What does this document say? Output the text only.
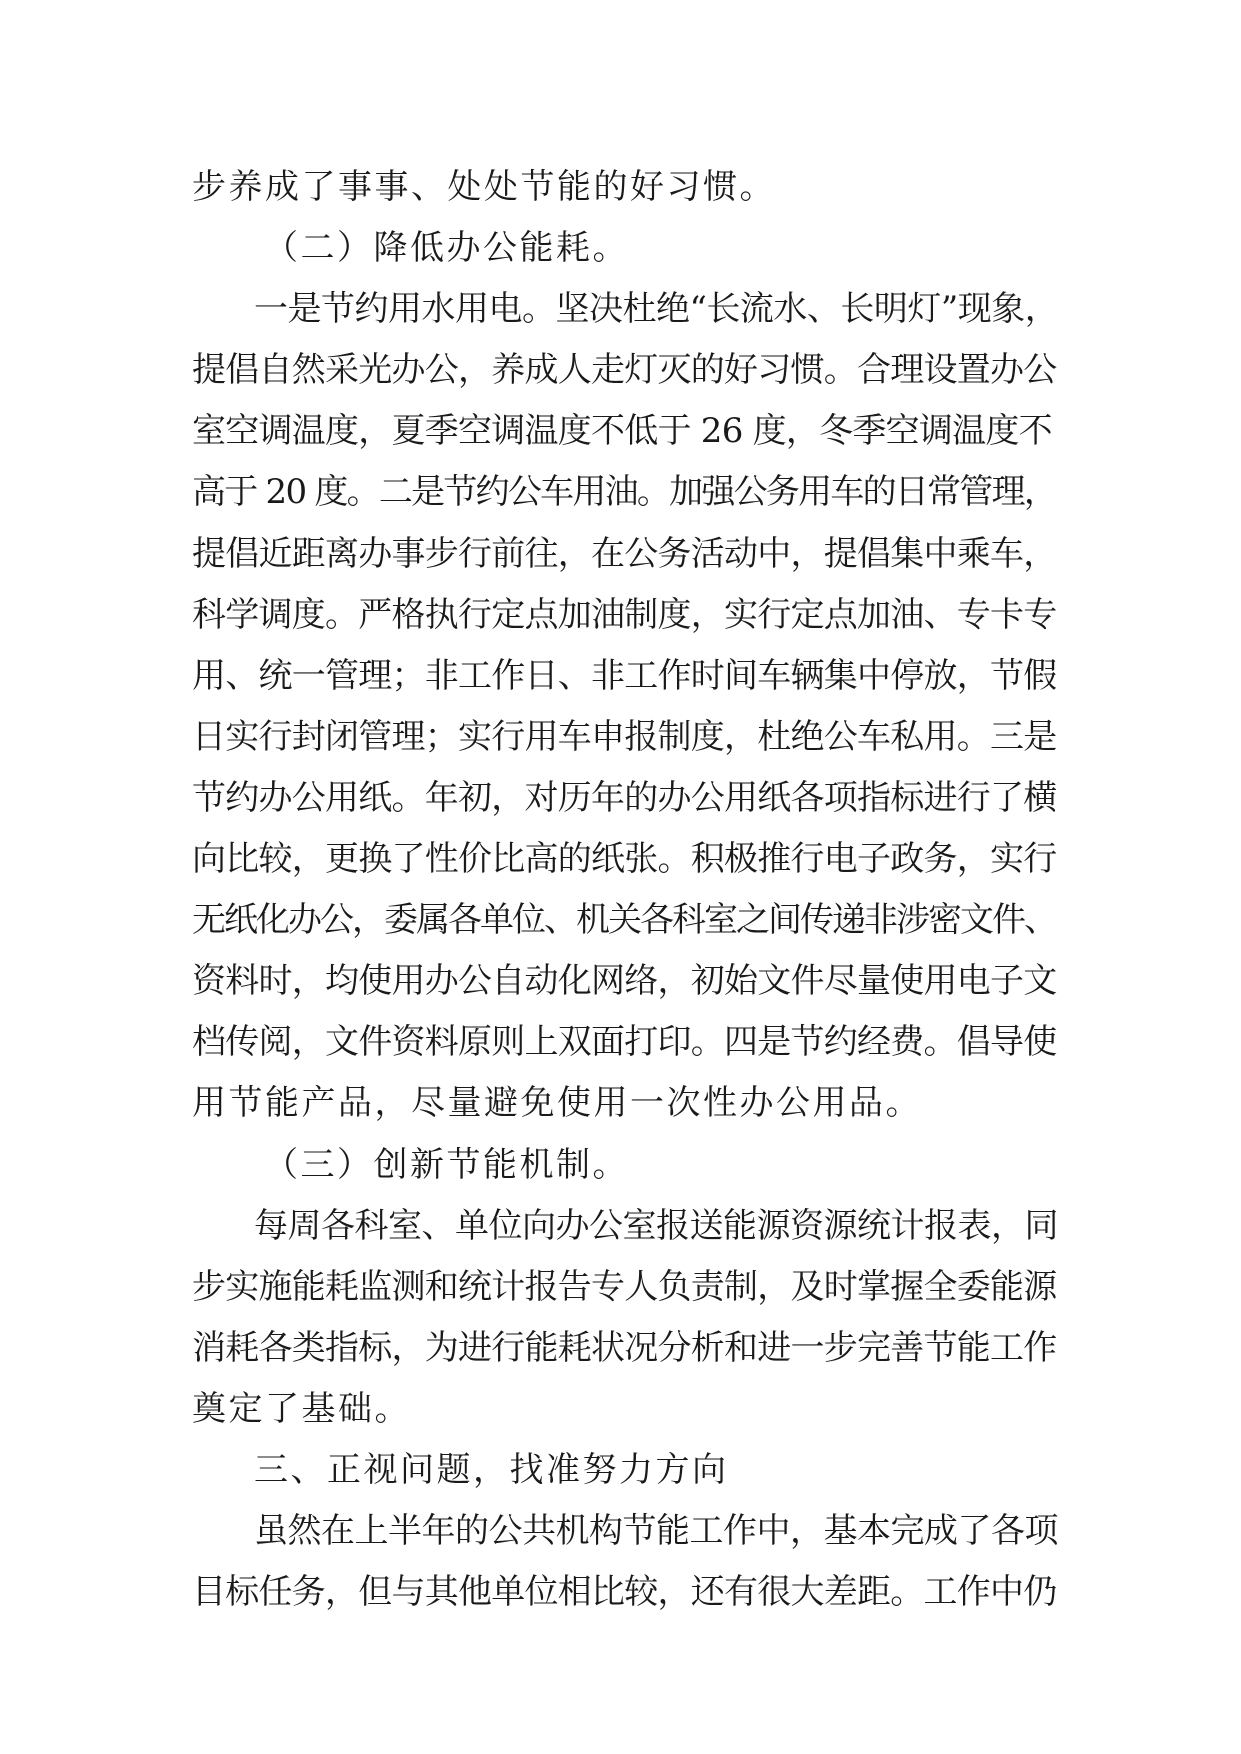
步养成了事事、处处节能的好习惯。
（二）降低办公能耗。
一是节约用水用电。坚决杜绝“长流水、长明灯”现象，
提倡自然采光办公，养成人走灯灭的好习惯。合理设置办公
室空调温度，夏季空调温度不低于 26 度，冬季空调温度不
高于 20 度。二是节约公车用油。加强公务用车的日常管理，
提倡近距离办事步行前往，在公务活动中，提倡集中乘车，
科学调度。严格执行定点加油制度，实行定点加油、专卡专
用、统一管理；非工作日、非工作时间车辆集中停放，节假
日实行封闭管理；实行用车申报制度，杜绝公车私用。三是
节约办公用纸。年初，对历年的办公用纸各项指标进行了横
向比较，更换了性价比高的纸张。积极推行电子政务，实行
无纸化办公，委属各单位、机关各科室之间传递非涉密文件、
资料时，均使用办公自动化网络，初始文件尽量使用电子文
档传阅，文件资料原则上双面打印。四是节约经费。倡导使
用节能产品，尽量避免使用一次性办公用品。
（三）创新节能机制。
每周各科室、单位向办公室报送能源资源统计报表，同
步实施能耗监测和统计报告专人负责制，及时掌握全委能源
消耗各类指标，为进行能耗状况分析和进一步完善节能工作
奠定了基础。
三、正视问题，找准努力方向
虽然在上半年的公共机构节能工作中，基本完成了各项
目标任务，但与其他单位相比较，还有很大差距。工作中仍
